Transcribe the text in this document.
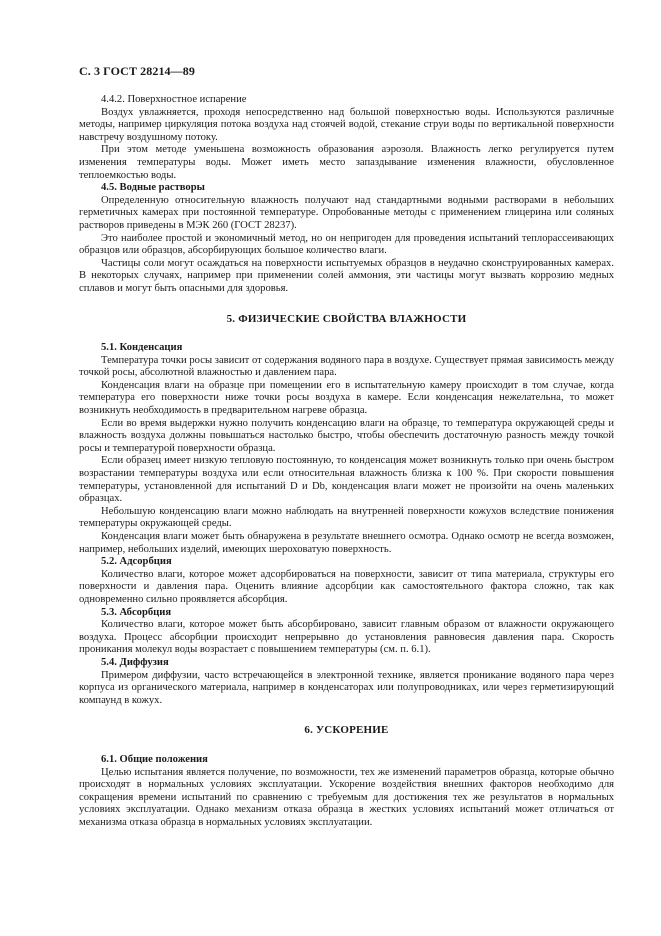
С. 3 ГОСТ 28214—89

4.4.2. Поверхностное испарение

Воздух увлажняется, проходя непосредственно над большой поверхностью воды. Используются различные методы, например циркуляция потока воздуха над стоячей водой, стекание струи воды по вертикальной поверхности навстречу воздушному потоку.

При этом методе уменьшена возможность образования аэрозоля. Влажность легко регулируется путем изменения температуры воды. Может иметь место запаздывание изменения влажности, обусловленное теплоемкостью воды.

4.5. Водные растворы

Определенную относительную влажность получают над стандартными водными растворами в небольших герметичных камерах при постоянной температуре. Опробованные методы с применением глицерина или соляных растворов приведены в МЭК 260 (ГОСТ 28237).

Это наиболее простой и экономичный метод, но он непригоден для проведения испытаний теплорассеивающих образцов или образцов, абсорбирующих большое количество влаги.

Частицы соли могут осаждаться на поверхности испытуемых образцов в неудачно сконструированных камерах. В некоторых случаях, например при применении солей аммония, эти частицы могут вызвать коррозию медных сплавов и могут быть опасными для здоровья.

5. ФИЗИЧЕСКИЕ СВОЙСТВА ВЛАЖНОСТИ

5.1. Конденсация

Температура точки росы зависит от содержания водяного пара в воздухе. Существует прямая зависимость между точкой росы, абсолютной влажностью и давлением пара.

Конденсация влаги на образце при помещении его в испытательную камеру происходит в том случае, когда температура его поверхности ниже точки росы воздуха в камере. Если конденсация нежелательна, то может возникнуть необходимость в предварительном нагреве образца.

Если во время выдержки нужно получить конденсацию влаги на образце, то температура окружающей среды и влажность воздуха должны повышаться настолько быстро, чтобы обеспечить достаточную разность между точкой росы и температурой поверхности образца.

Если образец имеет низкую тепловую постоянную, то конденсация может возникнуть только при очень быстром возрастании температуры воздуха или если относительная влажность близка к 100 %. При скорости повышения температуры, установленной для испытаний D и Db, конденсация влаги может не произойти на очень маленьких образцах.

Небольшую конденсацию влаги можно наблюдать на внутренней поверхности кожухов вследствие понижения температуры окружающей среды.

Конденсация влаги может быть обнаружена в результате внешнего осмотра. Однако осмотр не всегда возможен, например, небольших изделий, имеющих шероховатую поверхность.

5.2. Адсорбция

Количество влаги, которое может адсорбироваться на поверхности, зависит от типа материала, структуры его поверхности и давления пара. Оценить влияние адсорбции как самостоятельного фактора сложно, так как одновременно сильно проявляется абсорбция.

5.3. Абсорбция

Количество влаги, которое может быть абсорбировано, зависит главным образом от влажности окружающего воздуха. Процесс абсорбции происходит непрерывно до установления равновесия давления пара. Скорость проникания молекул воды возрастает с повышением температуры (см. п. 6.1).

5.4. Диффузия

Примером диффузии, часто встречающейся в электронной технике, является проникание водяного пара через корпуса из органического материала, например в конденсаторах или полупроводниках, или через герметизирующий компаунд в кожух.

6. УСКОРЕНИЕ

6.1. Общие положения

Целью испытания является получение, по возможности, тех же изменений параметров образца, которые обычно происходят в нормальных условиях эксплуатации. Ускорение воздействия внешних факторов необходимо для сокращения времени испытаний по сравнению с требуемым для достижения тех же результатов в нормальных условиях эксплуатации. Однако механизм отказа образца в жестких условиях испытаний может отличаться от механизма отказа образца в нормальных условиях эксплуатации.
